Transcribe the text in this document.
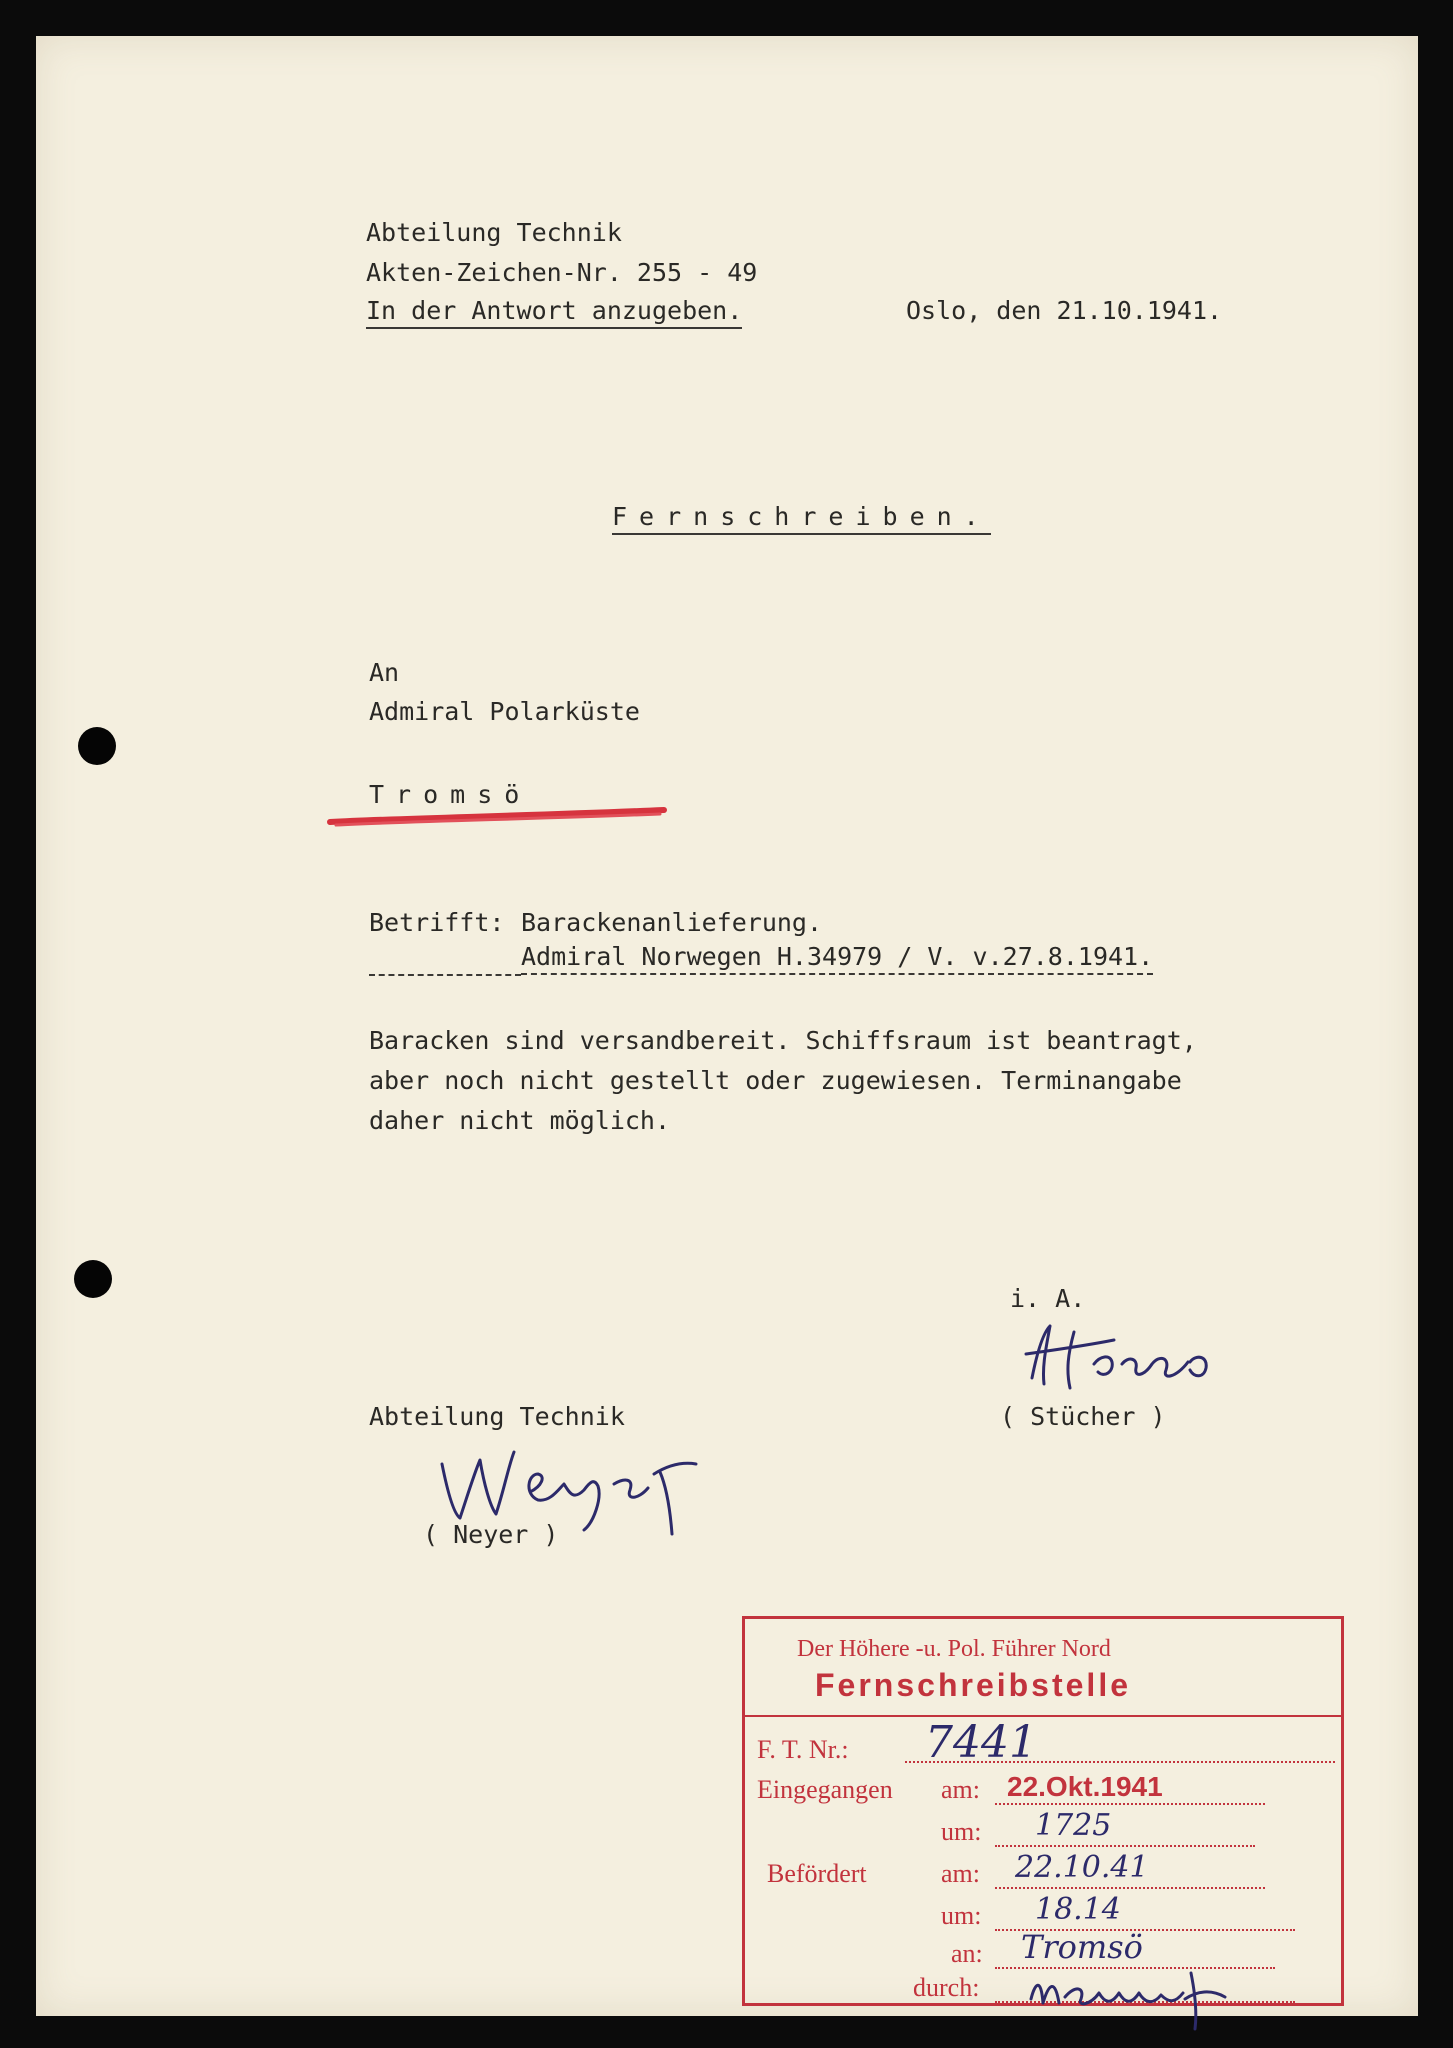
Abteilung Technik
Akten-Zeichen-Nr. 255 - 49
In der Antwort anzugeben.	Oslo, den 21.10.1941.
Fernschreiben.
An
Admiral Polarküste
Tromsö
Betrifft: Barackenanlieferung.
Admiral Norwegen H.34979 / V. v.27.8.1941.
Baracken sind versandbereit. Schiffsraum ist beantragt,
aber noch nicht gestellt oder zugewiesen. Terminangabe
daher nicht möglich.
i. A.
( Stücher )
Abteilung Technik
( Neyer )
Der Höhere -u. Pol. Führer Nord
Fernschreibstelle
F. T. Nr.: 7441
Eingegangen am: 22.Okt.1941
um: 1725
Befördert	am: 22.10.41
um: 18.14
an: Tromsö
durch:
